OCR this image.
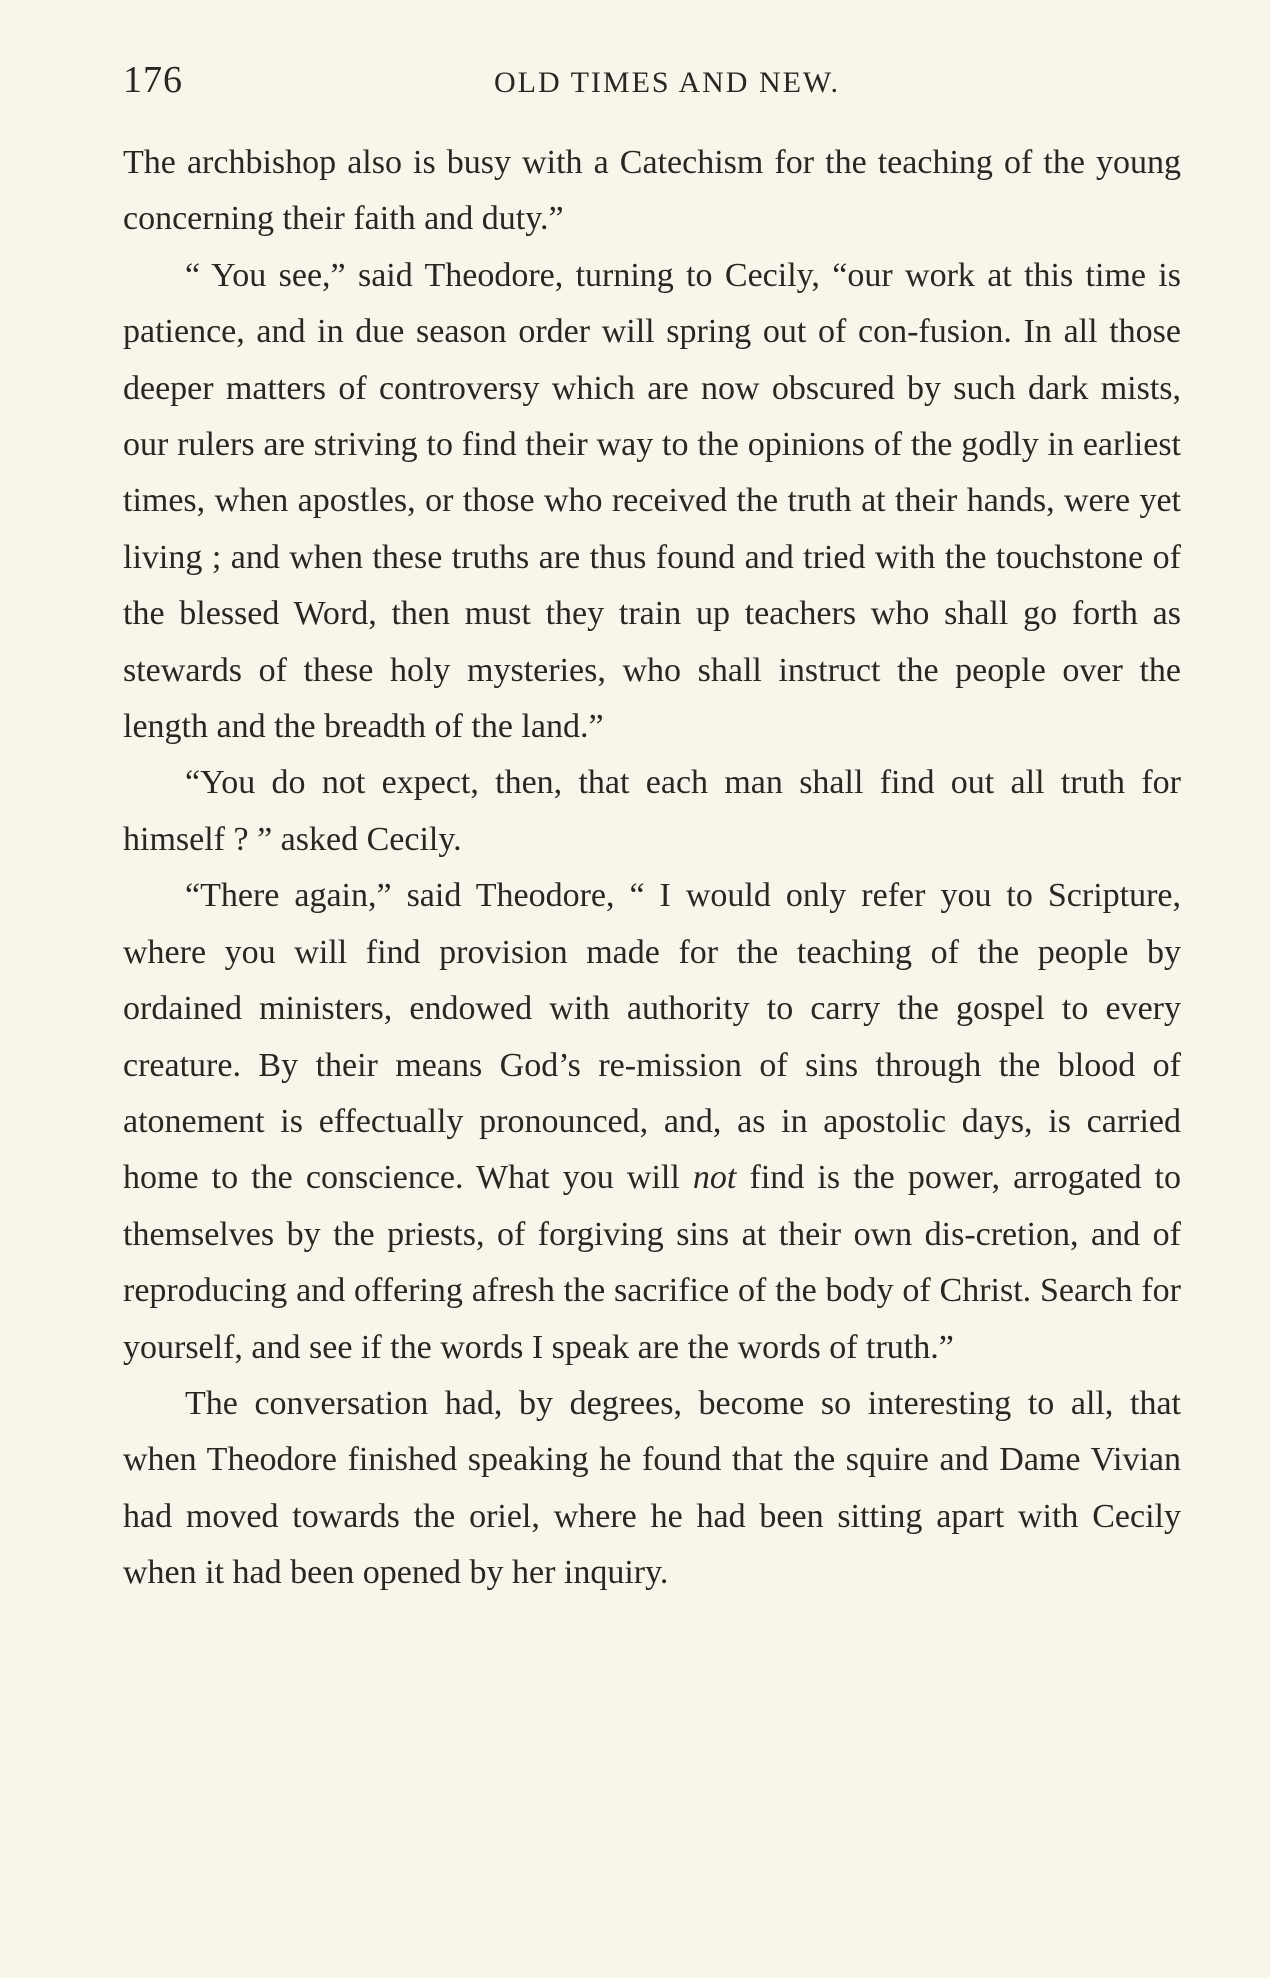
176	OLD TIMES AND NEW.

The archbishop also is busy with a Catechism for the teaching of the young concerning their faith and duty.”

“ You see,” said Theodore, turning to Cecily, “our work at this time is patience, and in due season order will spring out of con-fusion. In all those deeper matters of controversy which are now obscured by such dark mists, our rulers are striving to find their way to the opinions of the godly in earliest times, when apostles, or those who received the truth at their hands, were yet living ; and when these truths are thus found and tried with the touchstone of the blessed Word, then must they train up teachers who shall go forth as stewards of these holy mysteries, who shall instruct the people over the length and the breadth of the land.”

“You do not expect, then, that each man shall find out all truth for himself ? ” asked Cecily.

“There again,” said Theodore, “ I would only refer you to Scripture, where you will find provision made for the teaching of the people by ordained ministers, endowed with authority to carry the gospel to every creature. By their means God’s re-mission of sins through the blood of atonement is effectually pronounced, and, as in apostolic days, is carried home to the conscience. What you will not find is the power, arrogated to themselves by the priests, of forgiving sins at their own dis-cretion, and of reproducing and offering afresh the sacrifice of the body of Christ. Search for yourself, and see if the words I speak are the words of truth.”

The conversation had, by degrees, become so interesting to all, that when Theodore finished speaking he found that the squire and Dame Vivian had moved towards the oriel, where he had been sitting apart with Cecily when it had been opened by her inquiry.
